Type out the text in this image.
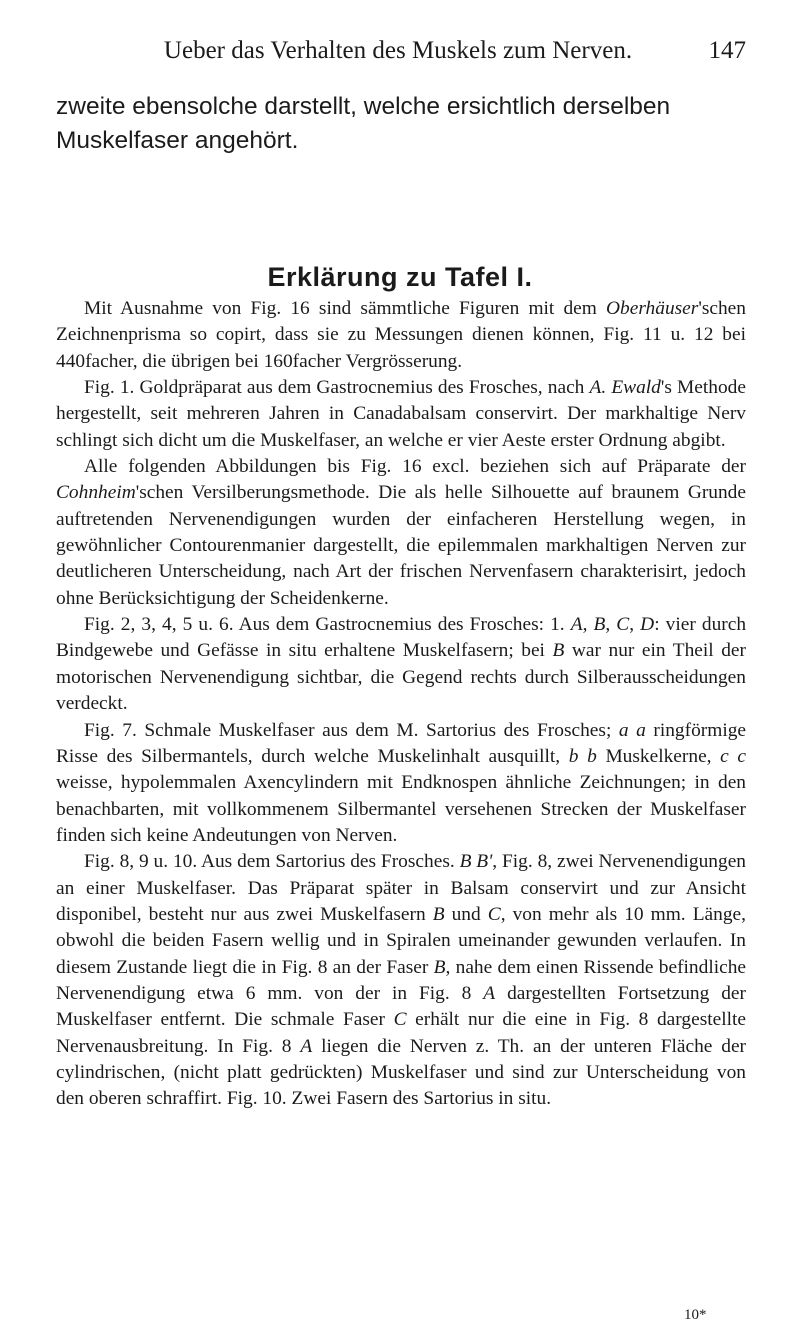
Ueber das Verhalten des Muskels zum Nerven.	147

zweite ebensolche darstellt, welche ersichtlich derselben Muskelfaser angehört.

Erklärung zu Tafel I.

Mit Ausnahme von Fig. 16 sind sämmtliche Figuren mit dem Oberhäuser'schen Zeichnenprisma so copirt, dass sie zu Messungen dienen können, Fig. 11 u. 12 bei 440facher, die übrigen bei 160facher Vergrösserung.

Fig. 1. Goldpräparat aus dem Gastrocnemius des Frosches, nach A. Ewald's Methode hergestellt, seit mehreren Jahren in Canadabalsam conservirt. Der markhaltige Nerv schlingt sich dicht um die Muskelfaser, an welche er vier Aeste erster Ordnung abgibt.

Alle folgenden Abbildungen bis Fig. 16 excl. beziehen sich auf Präparate der Cohnheim'schen Versilberungsmethode. Die als helle Silhouette auf braunem Grunde auftretenden Nervenendigungen wurden der einfacheren Herstellung wegen, in gewöhnlicher Contourenmanier dargestellt, die epilemmalen markhaltigen Nerven zur deutlicheren Unterscheidung, nach Art der frischen Nervenfasern charakterisirt, jedoch ohne Berücksichtigung der Scheidenkerne.

Fig. 2, 3, 4, 5 u. 6. Aus dem Gastrocnemius des Frosches: 1. A, B, C, D: vier durch Bindgewebe und Gefässe in situ erhaltene Muskelfasern; bei B war nur ein Theil der motorischen Nervenendigung sichtbar, die Gegend rechts durch Silberausscheidungen verdeckt.

Fig. 7. Schmale Muskelfaser aus dem M. Sartorius des Frosches; a a ringförmige Risse des Silbermantels, durch welche Muskelinhalt ausquillt, b b Muskelkerne, c c weisse, hypolemmalen Axencylindern mit Endknospen ähnliche Zeichnungen; in den benachbarten, mit vollkommenem Silbermantel versehenen Strecken der Muskelfaser finden sich keine Andeutungen von Nerven.

Fig. 8, 9 u. 10. Aus dem Sartorius des Frosches. B B', Fig. 8, zwei Nervenendigungen an einer Muskelfaser. Das Präparat später in Balsam conservirt und zur Ansicht disponibel, besteht nur aus zwei Muskelfasern B und C, von mehr als 10 mm. Länge, obwohl die beiden Fasern wellig und in Spiralen umeinander gewunden verlaufen. In diesem Zustande liegt die in Fig. 8 an der Faser B, nahe dem einen Rissende befindliche Nervenendigung etwa 6 mm. von der in Fig. 8 A dargestellten Fortsetzung der Muskelfaser entfernt. Die schmale Faser C erhält nur die eine in Fig. 8 dargestellte Nervenausbreitung. In Fig. 8 A liegen die Nerven z. Th. an der unteren Fläche der cylindrischen, (nicht platt gedrückten) Muskelfaser und sind zur Unterscheidung von den oberen schraffirt. Fig. 10. Zwei Fasern des Sartorius in situ.

10*
